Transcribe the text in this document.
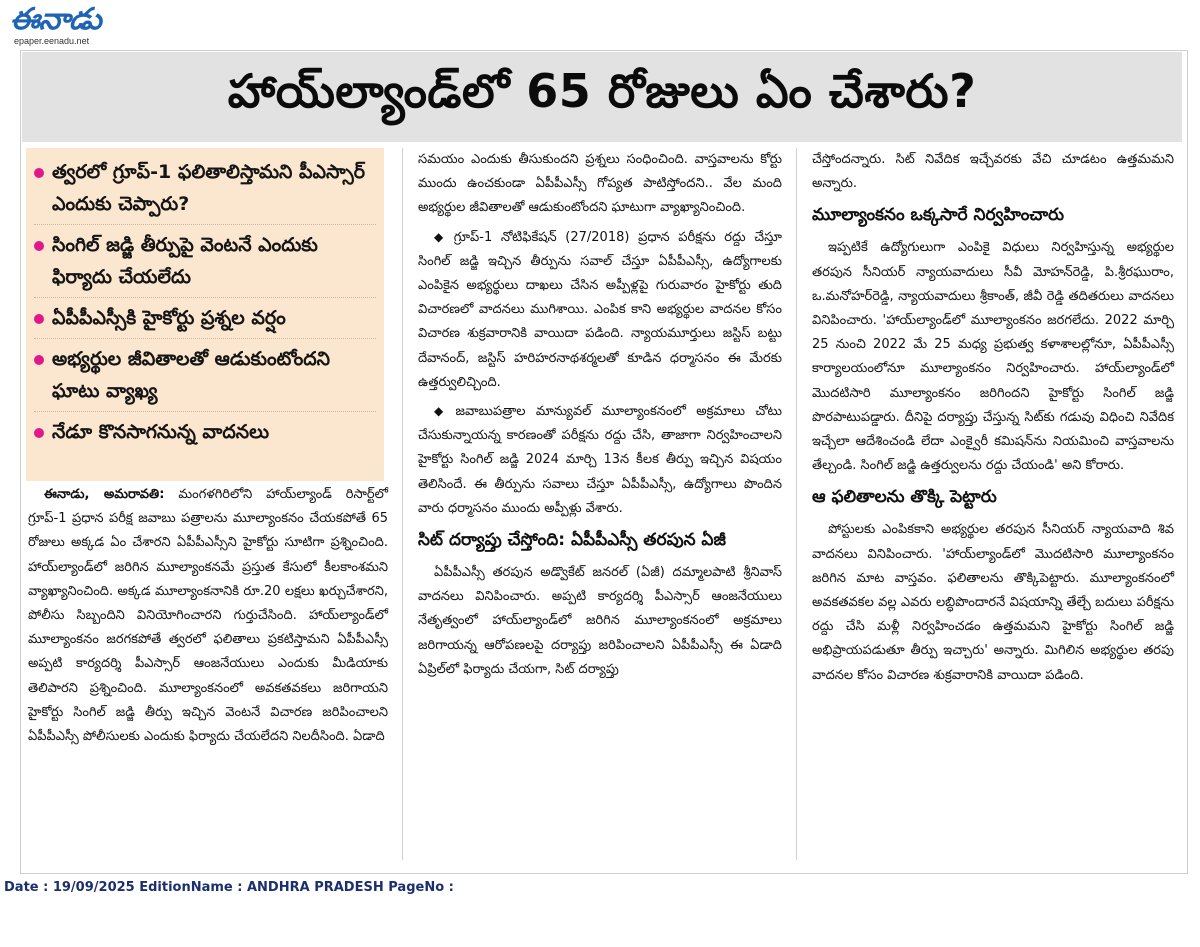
ఈనాడు
epaper.eenadu.net
హాయ్‌ల్యాండ్‌లో 65 రోజులు ఏం చేశారు?
త్వరలో గ్రూప్‌-1 ఫలితాలిస్తామని పీఎస్సార్‌ ఎందుకు చెప్పారు?
సింగిల్‌ జడ్జి తీర్పుపై వెంటనే ఎందుకు ఫిర్యాదు చేయలేదు
ఏపీపీఎస్సీకి హైకోర్టు ప్రశ్నల వర్షం
అభ్యర్థుల జీవితాలతో ఆడుకుంటోందని ఘాటు వ్యాఖ్య
నేడూ కొనసాగనున్న వాదనలు

ఈనాడు, అమరావతి: మంగళగిరిలోని హాయ్‌ల్యాండ్‌ రిసార్ట్‌లో గ్రూప్‌-1 ప్రధాన పరీక్ష జవాబు పత్రాలను మూల్యాంకనం చేయకపోతే 65 రోజులు అక్కడ ఏం చేశారని ఏపీపీఎస్సీని హైకోర్టు సూటిగా ప్రశ్నించింది. హాయ్‌ల్యాండ్‌లో జరిగిన మూల్యాంకనమే ప్రస్తుత కేసులో కీలకాంశమని వ్యాఖ్యానించింది. అక్కడ మూల్యాంకనానికి రూ.20 లక్షలు ఖర్చుచేశారని, పోలీసు సిబ్బందిని వినియోగించారని గుర్తుచేసింది. హాయ్‌ల్యాండ్‌లో మూల్యాంకనం జరగకపోతే త్వరలో ఫలితాలు ప్రకటిస్తామని ఏపీపీఎస్సీ అప్పటి కార్యదర్శి పీఎస్సార్‌ ఆంజనేయులు ఎందుకు మీడియాకు తెలిపారని ప్రశ్నించింది. మూల్యాంకనంలో అవకతవకలు జరిగాయని హైకోర్టు సింగిల్‌ జడ్జి తీర్పు ఇచ్చిన వెంటనే విచారణ జరిపించాలని ఏపీపీఎస్సీ పోలీసులకు ఎందుకు ఫిర్యాదు చేయలేదని నిలదీసింది. ఏడాది

సమయం ఎందుకు తీసుకుందని ప్రశ్నలు సంధించింది. వాస్తవాలను కోర్టు ముందు ఉంచకుండా ఏపీపీఎస్సీ గోప్యత పాటిస్తోందని.. వేల మంది అభ్యర్థుల జీవితాలతో ఆడుకుంటోందని ఘాటుగా వ్యాఖ్యానించింది.

◆ గ్రూప్‌-1 నోటిఫికేషన్‌ (27/2018) ప్రధాన పరీక్షను రద్దు చేస్తూ సింగిల్‌ జడ్జి ఇచ్చిన తీర్పును సవాల్‌ చేస్తూ ఏపీపీఎస్సీ, ఉద్యోగాలకు ఎంపికైన అభ్యర్థులు దాఖలు చేసిన అప్పీళ్లపై గురువారం హైకోర్టు తుది విచారణలో వాదనలు ముగిశాయి. ఎంపిక కాని అభ్యర్థుల వాదనల కోసం విచారణ శుక్రవారానికి వాయిదా పడింది. న్యాయమూర్తులు జస్టిస్‌ బట్టు దేవానంద్‌, జస్టిస్‌ హరిహరనాథశర్మలతో కూడిన ధర్మాసనం ఈ మేరకు ఉత్తర్వులిచ్చింది.

◆ జవాబుపత్రాల మాన్యువల్‌ మూల్యాంకనంలో అక్రమాలు చోటు చేసుకున్నాయన్న కారణంతో పరీక్షను రద్దు చేసి, తాజాగా నిర్వహించాలని హైకోర్టు సింగిల్‌ జడ్జి 2024 మార్చి 13న కీలక తీర్పు ఇచ్చిన విషయం తెలిసిందే. ఈ తీర్పును సవాలు చేస్తూ ఏపీపీఎస్సీ, ఉద్యోగాలు పొందిన వారు ధర్మాసనం ముందు అప్పీళ్లు వేశారు.

సిట్‌ దర్యాప్తు చేస్తోంది: ఏపీపీఎస్సీ తరపున ఏజీ

ఏపీపీఎస్సీ తరపున అడ్వొకేట్‌ జనరల్‌ (ఏజీ) దమ్మాలపాటి శ్రీనివాస్‌ వాదనలు వినిపించారు. అప్పటి కార్యదర్శి పీఎస్సార్‌ ఆంజనేయులు నేతృత్వంలో హాయ్‌ల్యాండ్‌లో జరిగిన మూల్యాంకనంలో అక్రమాలు జరిగాయన్న ఆరోపణలపై దర్యాప్తు జరిపించాలని ఏపీపీఎస్సీ ఈ ఏడాది ఏప్రిల్‌లో ఫిర్యాదు చేయగా, సిట్‌ దర్యాప్తు

చేస్తోందన్నారు. సిట్‌ నివేదిక ఇచ్చేవరకు వేచి చూడటం ఉత్తమమని అన్నారు.

మూల్యాంకనం ఒక్కసారే నిర్వహించారు

ఇప్పటికే ఉద్యోగులుగా ఎంపికై విధులు నిర్వహిస్తున్న అభ్యర్థుల తరపున సీనియర్‌ న్యాయవాదులు సీవీ మోహన్‌రెడ్డి, పి.శ్రీరఘురాం, ఒ.మనోహర్‌రెడ్డి, న్యాయవాదులు శ్రీకాంత్‌, జీవీ రెడ్డి తదితరులు వాదనలు వినిపించారు. 'హాయ్‌ల్యాండ్‌లో మూల్యాంకనం జరగలేదు. 2022 మార్చి 25 నుంచి 2022 మే 25 మధ్య ప్రభుత్వ కళాశాలల్లోనూ, ఏపీపీఎస్సీ కార్యాలయంలోనూ మూల్యాంకనం నిర్వహించారు. హాయ్‌ల్యాండ్‌లో మొదటిసారి మూల్యాంకనం జరిగిందని హైకోర్టు సింగిల్‌ జడ్జి పొరపాటుపడ్డారు. దీనిపై దర్యాప్తు చేస్తున్న సిట్‌కు గడువు విధించి నివేదిక ఇచ్చేలా ఆదేశించండి లేదా ఎంక్వైరీ కమిషన్‌ను నియమించి వాస్తవాలను తేల్చండి. సింగిల్‌ జడ్జి ఉత్తర్వులను రద్దు చేయండి' అని కోరారు.

ఆ ఫలితాలను తొక్కి పెట్టారు

పోస్టులకు ఎంపికకాని అభ్యర్థుల తరపున సీనియర్‌ న్యాయవాది శివ వాదనలు వినిపించారు. 'హాయ్‌ల్యాండ్‌లో మొదటిసారి మూల్యాంకనం జరిగిన మాట వాస్తవం. ఫలితాలను తొక్కిపెట్టారు. మూల్యాంకనంలో అవకతవకల వల్ల ఎవరు లబ్ధిపొందారనే విషయాన్ని తేల్చే బదులు పరీక్షను రద్దు చేసి మళ్లీ నిర్వహించడం ఉత్తమమని హైకోర్టు సింగిల్‌ జడ్జి అభిప్రాయపడుతూ తీర్పు ఇచ్చారు' అన్నారు. మిగిలిన అభ్యర్థుల తరపు వాదనల కోసం విచారణ శుక్రవారానికి వాయిదా పడింది.

Date : 19/09/2025 EditionName : ANDHRA PRADESH PageNo :
